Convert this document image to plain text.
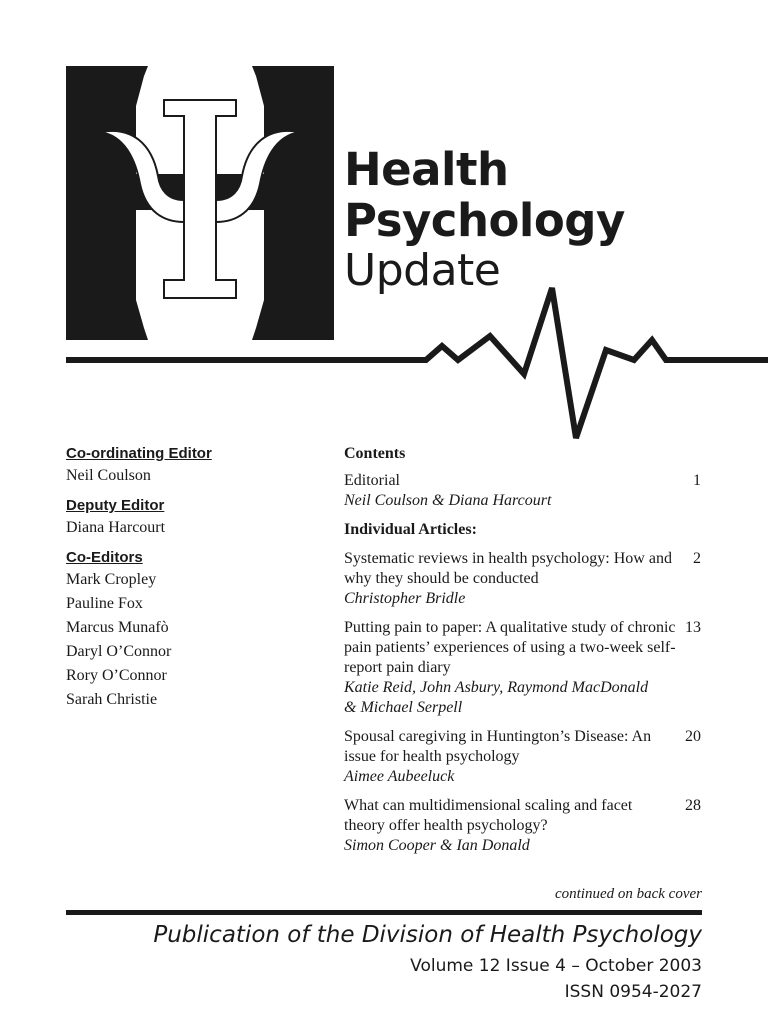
Health
Psychology
Update

Co-ordinating Editor

Neil Coulson

Deputy Editor

Diana Harcourt

Co-Editors

Mark Cropley

Pauline Fox

Marcus Munafò

Daryl O’Connor

Rory O’Connor

Sarah Christie

Contents

Editorial

Neil Coulson & Diana Harcourt

1

Individual Articles:

Systematic reviews in health psychology: How and why they should be conducted

Christopher Bridle

2

Putting pain to paper: A qualitative study of chronic pain patients’ experiences of using a two-week self-report pain diary

Katie Reid, John Asbury, Raymond MacDonald & Michael Serpell

13

Spousal caregiving in Huntington’s Disease: An issue for health psychology

Aimee Aubeeluck

20

What can multidimensional scaling and facet theory offer health psychology?

Simon Cooper & Ian Donald

28
continued on back cover
Publication of the Division of Health Psychology
Volume 12 Issue 4 – October 2003
ISSN 0954-2027
